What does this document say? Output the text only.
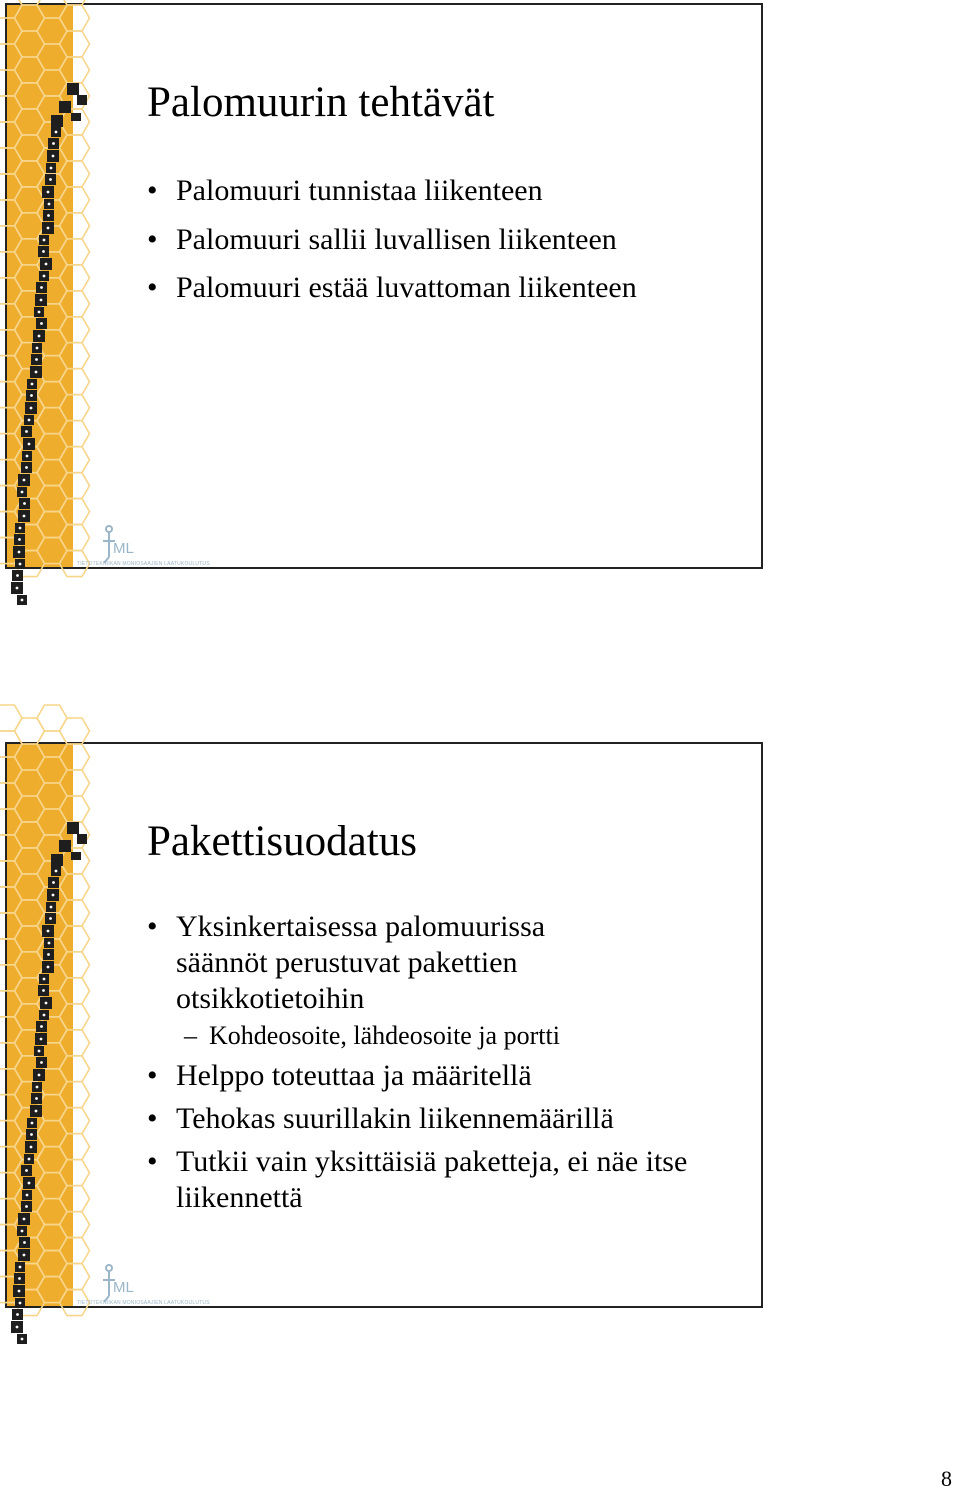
ML
TIETOTEKNIIKAN MONIOSAAJIEN LAATUKOULUTUS
Palomuurin tehtävät
• Palomuuri tunnistaa liikenteen
• Palomuuri sallii luvallisen liikenteen
• Palomuuri estää luvattoman liikenteen
ML
TIETOTEKNIIKAN MONIOSAAJIEN LAATUKOULUTUS
Pakettisuodatus
• Yksinkertaisessa palomuurissa säännöt perustuvat pakettien otsikkotietoihin
– Kohdeosoite, lähdeosoite ja portti
• Helppo toteuttaa ja määritellä
• Tehokas suurillakin liikennemäärillä
• Tutkii vain yksittäisiä paketteja, ei näe itse liikennettä
8
